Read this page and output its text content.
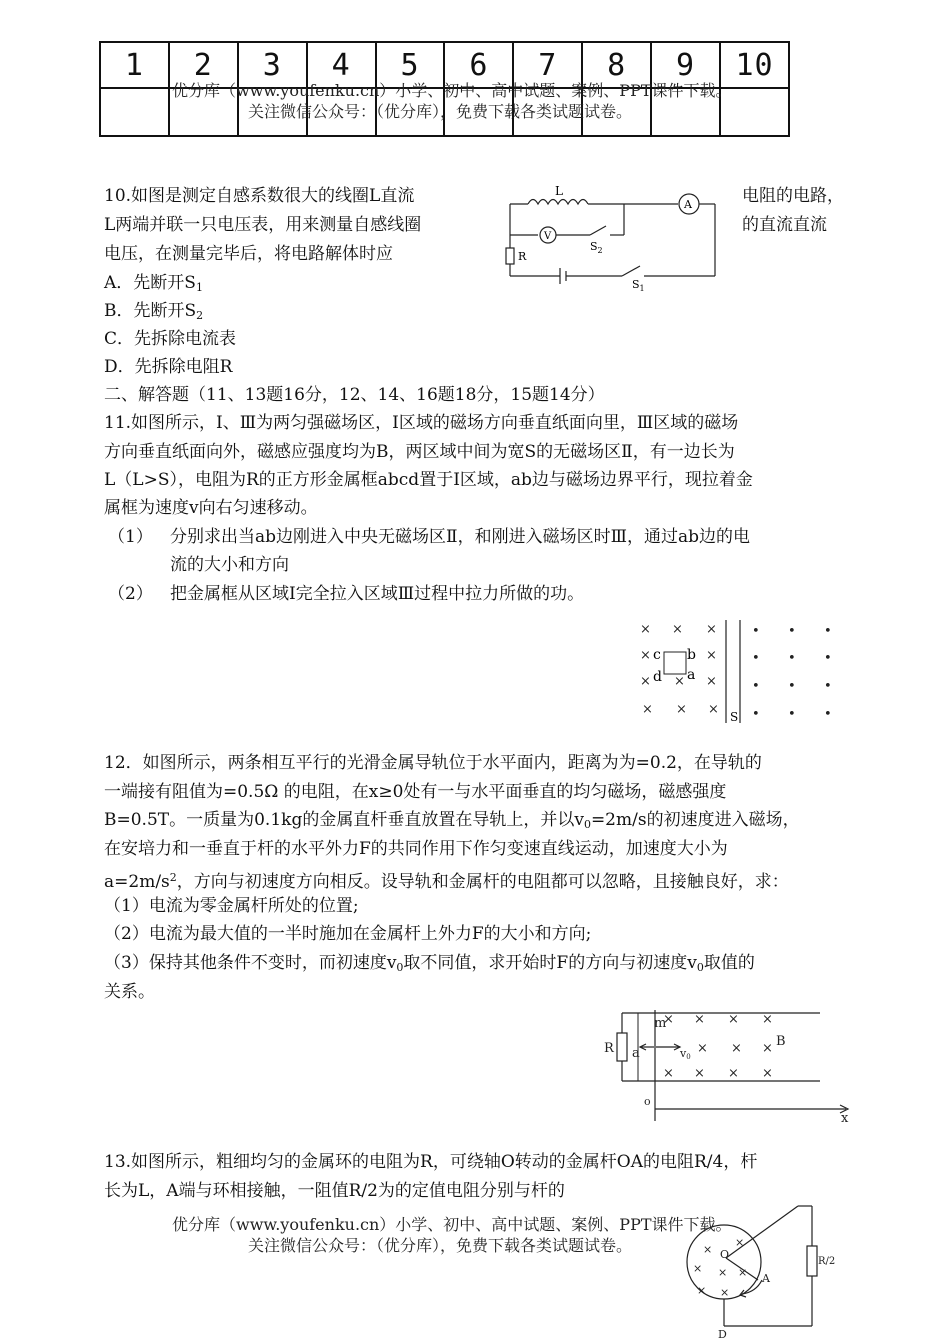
1	2	3	4	5	6	7	8	9	10

优分库（www.youfenku.cn）小学、初中、高中试题、案例、PPT课件下载。
关注微信公众号：（优分库），免费下载各类试题试卷。
10.如图是测定自感系数很大的线圈L直流	电阻的电路，
L两端并联一只电压表，用来测量自感线圈	的直流直流
电压，在测量完毕后，将电路解体时应
A．先断开$S_1$
B．先断开$S_2$
C．先拆除电流表
D．先拆除电阻R
L
A
V
$S_2$
R
$S_1$
二、解答题（11、13题16分，12、14、16题18分，15题14分）
11.如图所示，Ⅰ、Ⅲ为两匀强磁场区，Ⅰ区域的磁场方向垂直纸面向里，Ⅲ区域的磁场
方向垂直纸面向外，磁感应强度均为B，两区域中间为宽S的无磁场区Ⅱ，有一边长为
L（L>S），电阻为R的正方形金属框abcd置于Ⅰ区域，ab边与磁场边界平行，现拉着金
属框为速度v向右匀速移动。
（1） 分别求出当ab边刚进入中央无磁场区Ⅱ，和刚进入磁场区时Ⅲ，通过ab边的电
流的大小和方向
（2） 把金属框从区域Ⅰ完全拉入区域Ⅲ过程中拉力所做的功。
× × ×
×	×
× × ×
× × ×
• • •
• • •
• • •
• • •
c b
d a
S
12．如图所示，两条相互平行的光滑金属导轨位于水平面内，距离为为=0.2，在导轨的
一端接有阻值为=0.5Ω 的电阻，在x≥0处有一与水平面垂直的均匀磁场，磁感强度
B=0.5T。一质量为0.1kg的金属直杆垂直放置在导轨上，并以$v_0=2m/s$的初速度进入磁场，
在安培力和一垂直于杆的水平外力F的共同作用下作匀变速直线运动，加速度大小为
$a=2m/s^2$，方向与初速度方向相反。设导轨和金属杆的电阻都可以忽略，且接触良好，求：
（1）电流为零金属杆所处的位置;
（2）电流为最大值的一半时施加在金属杆上外力F的大小和方向;
（3）保持其他条件不变时，而初速度$v_0$取不同值，求开始时F的方向与初速度$v_0$取值的
关系。
R a
m
v0
B
o
x
× × × ×
× × ×
× × × ×
13.如图所示，粗细均匀的金属环的电阻为R，可绕轴O转动的金属杆OA的电阻R/4，杆
长为L，A端与环相接触，一阻值R/2为的定值电阻分别与杆的
O
A
R/2
D
×
×
× × ×
× ×
优分库（www.youfenku.cn）小学、初中、高中试题、案例、PPT课件下载。
关注微信公众号：（优分库），免费下载各类试题试卷。
